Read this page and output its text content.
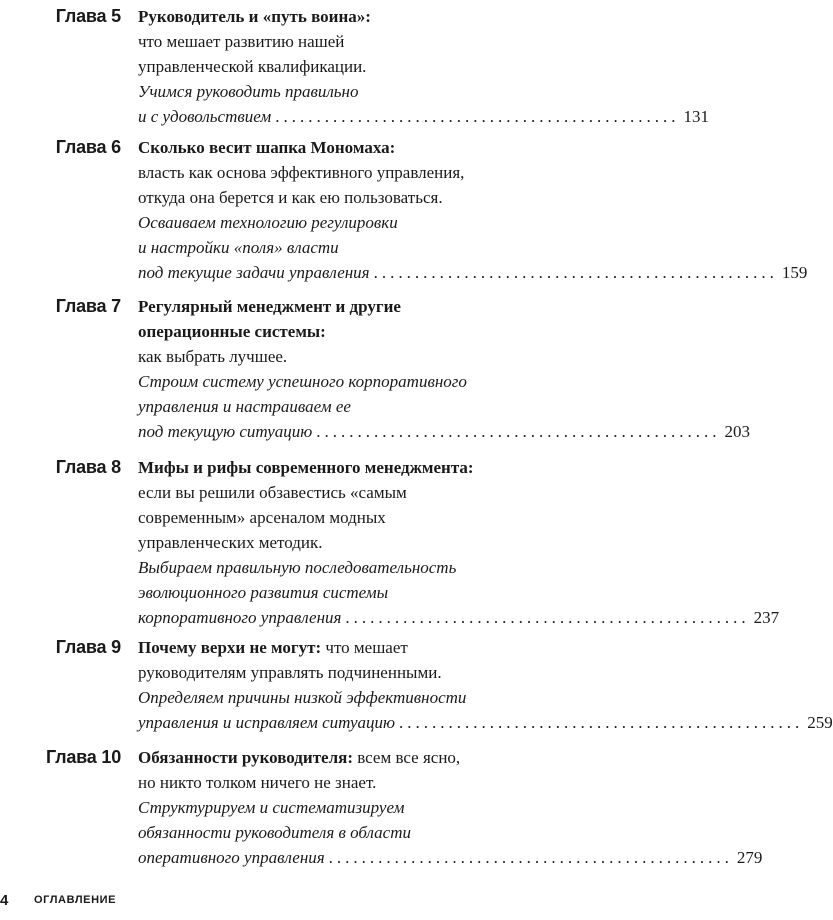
Глава 5 Руководитель и «путь воина»:
что мешает развитию нашей
управленческой квалификации.
Учимся руководить правильно
и с удовольствием ................................................. 131
Глава 6 Сколько весит шапка Мономаха:
власть как основа эффективного управления,
откуда она берется и как ею пользоваться.
Осваиваем технологию регулировки
и настройки «поля» власти
под текущие задачи управления ................................................. 159
Глава 7 Регулярный менеджмент и другие
операционные системы:
как выбрать лучшее.
Строим систему успешного корпоративного
управления и настраиваем ее
под текущую ситуацию ................................................. 203
Глава 8 Мифы и рифы современного менеджмента:
если вы решили обзавестись «самым
современным» арсеналом модных
управленческих методик.
Выбираем правильную последовательность
эволюционного развития системы
корпоративного управления ................................................. 237
Глава 9 Почему верхи не могут: что мешает
руководителям управлять подчиненными.
Определяем причины низкой эффективности
управления и исправляем ситуацию ................................................. 259
Глава 10 Обязанности руководителя: всем все ясно,
но никто толком ничего не знает.
Структурируем и систематизируем
обязанности руководителя в области
оперативного управления ................................................. 279
4 ОГЛАВЛЕНИЕ
